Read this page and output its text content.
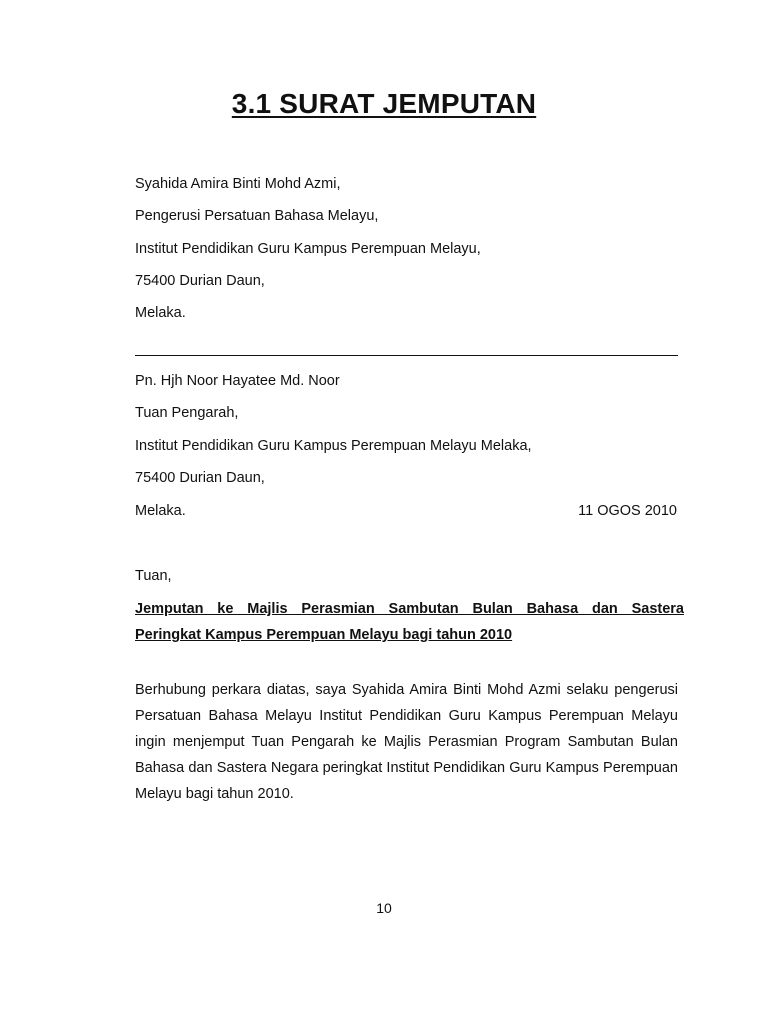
3.1 SURAT JEMPUTAN
Syahida Amira Binti Mohd Azmi,
Pengerusi Persatuan Bahasa Melayu,
Institut Pendidikan Guru Kampus Perempuan Melayu,
75400 Durian Daun,
Melaka.
Pn. Hjh Noor Hayatee Md. Noor
Tuan Pengarah,
Institut Pendidikan Guru Kampus Perempuan Melayu Melaka,
75400 Durian Daun,
Melaka.	11 OGOS 2010
Tuan,
Jemputan ke Majlis Perasmian Sambutan Bulan Bahasa dan Sastera
Peringkat Kampus Perempuan Melayu bagi tahun 2010
Berhubung perkara diatas, saya Syahida Amira Binti Mohd Azmi selaku pengerusi Persatuan Bahasa Melayu Institut Pendidikan Guru Kampus Perempuan Melayu ingin menjemput Tuan Pengarah ke Majlis Perasmian Program Sambutan Bulan Bahasa dan Sastera Negara peringkat Institut Pendidikan Guru Kampus Perempuan Melayu bagi tahun 2010.
10
